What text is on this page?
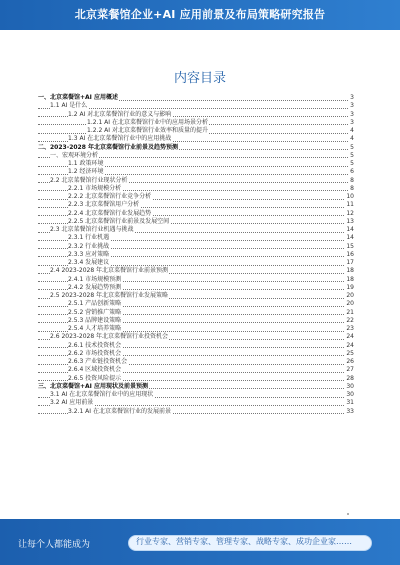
北京菜餐馆企业+AI 应用前景及布局策略研究报告
内容目录
一、北京菜餐馆+AI 应用概述	3
1.1 AI 是什么	3
1.2 AI 对北京菜餐馆行业的意义与影响	3
1.2.1 AI 在北京菜餐馆行业中的应用场景分析	3
1.2.2 AI 对北京菜餐馆行业效率和质量的提升	4
1.3 AI 在北京菜餐馆行业中的应用挑战	4
二、2023-2028 年北京菜餐馆行业前景及趋势预测	5
一、宏观环境分析	5
1.1 政策环境	5
1.2 经济环境	6
2.2 北京菜餐馆行业现状分析	8
2.2.1 市场规模分析	8
2.2.2 北京菜餐馆行业竞争分析	10
2.2.3 北京菜餐馆用户分析	11
2.2.4 北京菜餐馆行业发展趋势	12
2.2.5 北京菜餐馆行业前景及发展空间	13
2.3 北京菜餐馆行业机遇与挑战	14
2.3.1 行业机遇	14
2.3.2 行业挑战	15
2.3.3 应对策略	16
2.3.4 发展建议	17
2.4 2023-2028 年北京菜餐馆行业前景预测	18
2.4.1 市场规模预测	18
2.4.2 发展趋势预测	19
2.5 2023-2028 年北京菜餐馆行业发展策略	20
2.5.1 产品创新策略	20
2.5.2 营销推广策略	21
2.5.3 品牌建设策略	22
2.5.4 人才培养策略	23
2.6 2023-2028 年北京菜餐馆行业投资机会	24
2.6.1 技术投资机会	24
2.6.2 市场投资机会	25
2.6.3 产业链投资机会	26
2.6.4 区域投资机会	27
2.6.5 投资风险提示	28
三、北京菜餐馆+AI 应用现状及前景预测	30
3.1 AI 在北京菜餐馆行业中的应用现状	30
3.2 AI 应用前景	31
3.2.1 AI 在北京菜餐馆行业的发展前景	33
让每个人都能成为	行业专家、营销专家、管理专家、战略专家、成功企业家……
